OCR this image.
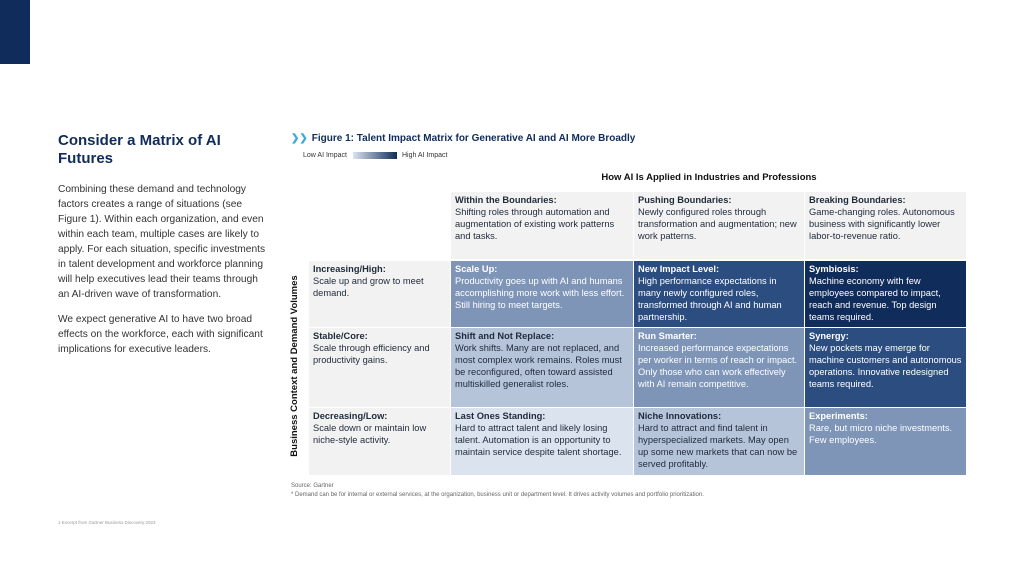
Consider a Matrix of AI Futures

Combining these demand and technology factors creates a range of situations (see Figure 1). Within each organization, and even within each team, multiple cases are likely to apply. For each situation, specific investments in talent development and workforce planning will help executives lead their teams through an AI-driven wave of transformation.

We expect generative AI to have two broad effects on the workforce, each with significant implications for executive leaders.

1 Excerpt from Gartner Business Discovery 2023
❯❯ Figure 1: Talent Impact Matrix for Generative AI and AI More Broadly
Low AI Impact	High AI Impact
How AI Is Applied in Industries and Professions
Business Context and Demand Volumes
Within the Boundaries:
Shifting roles through automation and augmentation of existing work patterns and tasks.
Pushing Boundaries:
Newly configured roles through transformation and augmentation; new work patterns.
Breaking Boundaries:
Game-changing roles. Autonomous business with significantly lower labor-to-revenue ratio.
Increasing/High:
Scale up and grow to meet demand.
Stable/Core:
Scale through efficiency and productivity gains.
Decreasing/Low:
Scale down or maintain low niche-style activity.
Scale Up:
Productivity goes up with AI and humans accomplishing more work with less effort. Still hiring to meet targets.
New Impact Level:
High performance expectations in many newly configured roles, transformed through AI and human partnership.
Symbiosis:
Machine economy with few employees compared to impact, reach and revenue. Top design teams required.
Shift and Not Replace:
Work shifts. Many are not replaced, and most complex work remains. Roles must be reconfigured, often toward assisted multiskilled generalist roles.
Run Smarter:
Increased performance expectations per worker in terms of reach or impact. Only those who can work effectively with AI remain competitive.
Synergy:
New pockets may emerge for machine customers and autonomous operations. Innovative redesigned teams required.
Last Ones Standing:
Hard to attract talent and likely losing talent. Automation is an opportunity to maintain service despite talent shortage.
Niche Innovations:
Hard to attract and find talent in hyperspecialized markets. May open up some new markets that can now be served profitably.
Experiments:
Rare, but micro niche investments. Few employees.
Source: Gartner
* Demand can be for internal or external services, at the organization, business unit or department level. It drives activity volumes and portfolio prioritization.
